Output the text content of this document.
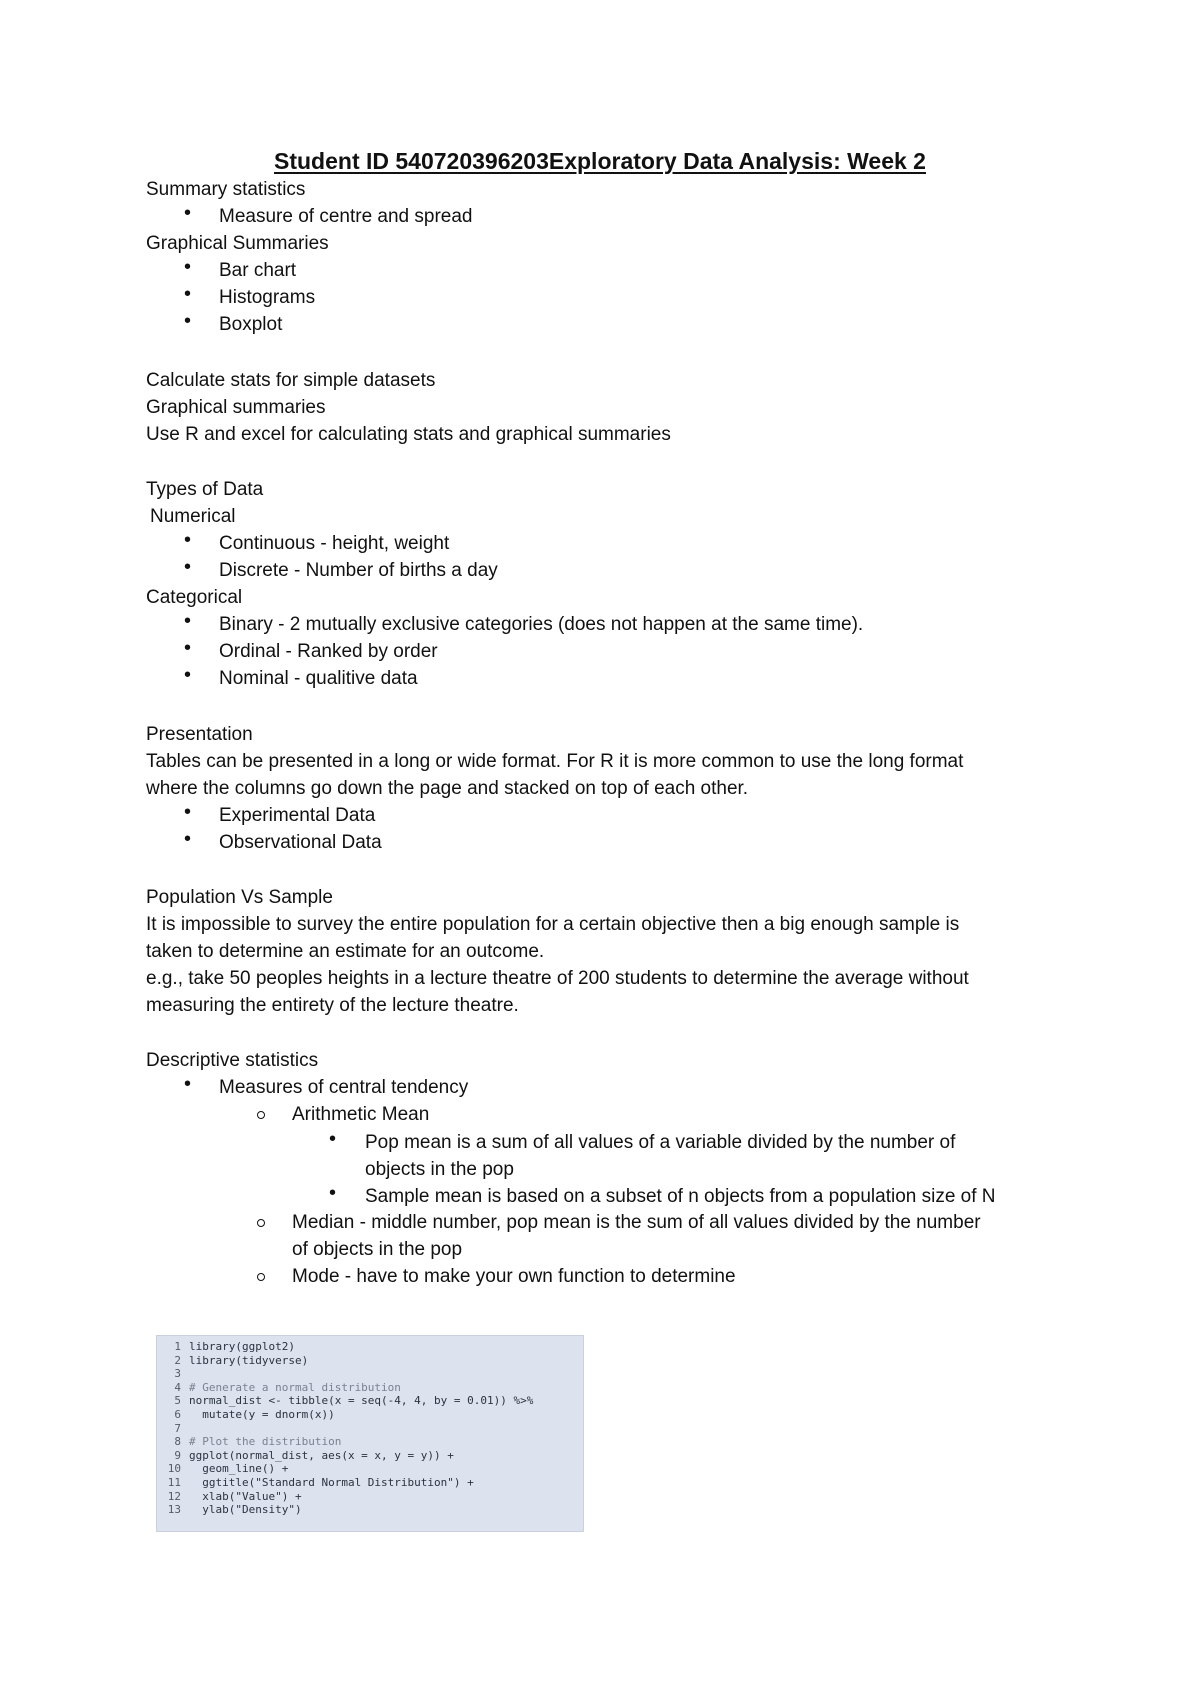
Student ID 540720396203Exploratory Data Analysis: Week 2
Summary statistics
• Measure of centre and spread
Graphical Summaries
• Bar chart
• Histograms
• Boxplot
Calculate stats for simple datasets
Graphical summaries
Use R and excel for calculating stats and graphical summaries
Types of Data
Numerical
• Continuous - height, weight
• Discrete - Number of births a day
Categorical
• Binary - 2 mutually exclusive categories (does not happen at the same time).
• Ordinal - Ranked by order
• Nominal - qualitive data
Presentation
Tables can be presented in a long or wide format. For R it is more common to use the long format
where the columns go down the page and stacked on top of each other.
• Experimental Data
• Observational Data
Population Vs Sample
It is impossible to survey the entire population for a certain objective then a big enough sample is
taken to determine an estimate for an outcome.
e.g., take 50 peoples heights in a lecture theatre of 200 students to determine the average without
measuring the entirety of the lecture theatre.
Descriptive statistics
• Measures of central tendency
Arithmetic Mean
• Pop mean is a sum of all values of a variable divided by the number of
objects in the pop
• Sample mean is based on a subset of n objects from a population size of N
Median - middle number, pop mean is the sum of all values divided by the number
of objects in the pop
Mode - have to make your own function to determine
1 library(ggplot2)
2 library(tidyverse)
3
4 # Generate a normal distribution
5 normal_dist <- tibble(x = seq(-4, 4, by = 0.01)) %>%
6 mutate(y = dnorm(x))
7
8 # Plot the distribution
9 ggplot(normal_dist, aes(x = x, y = y)) +
10 geom_line() +
11 ggtitle("Standard Normal Distribution") +
12 xlab("Value") +
13 ylab("Density")
